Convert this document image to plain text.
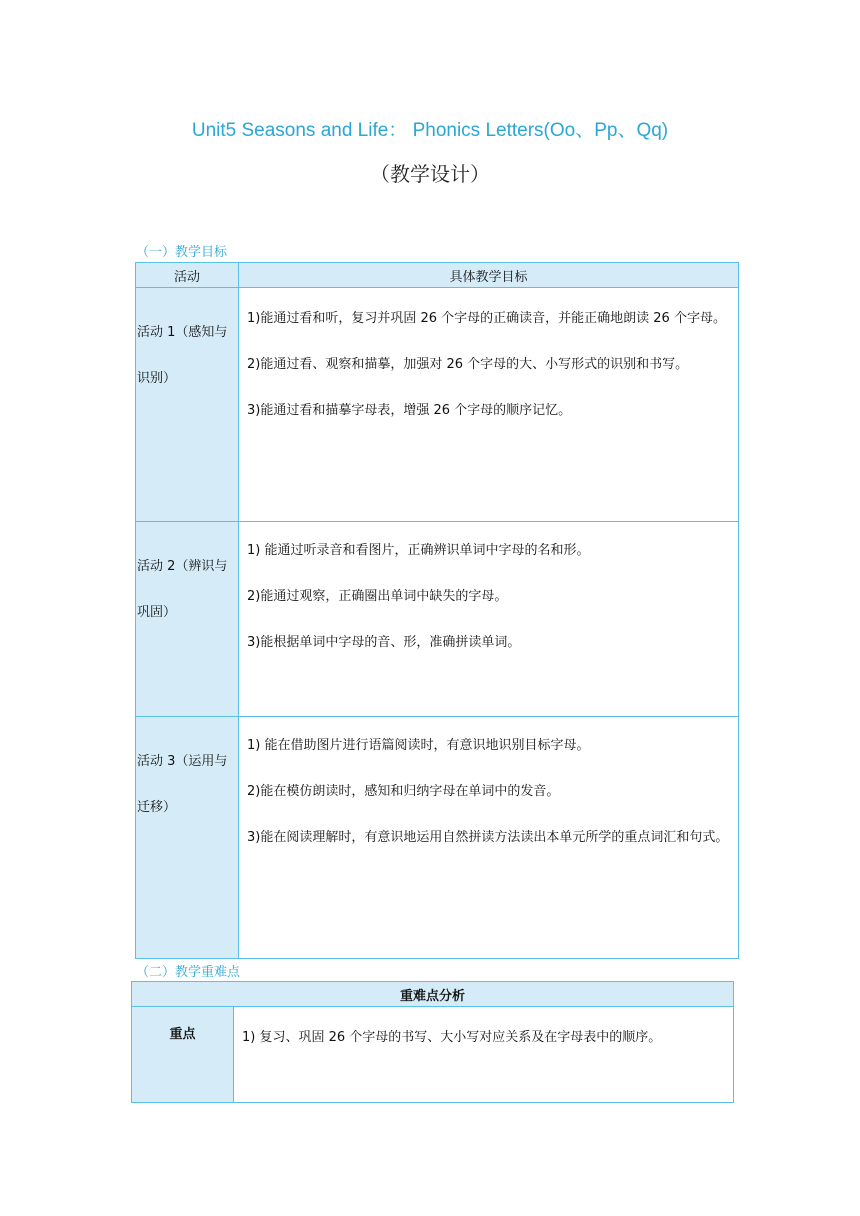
Unit5 Seasons and Life： Phonics Letters(Oo、Pp、Qq)
（教学设计）
（一）教学目标
活动	具体教学目标
活动 1（感知与识别）	1)能通过看和听，复习并巩固 26 个字母的正确读音，并能正确地朗读 26 个字母。

2)能通过看、观察和描摹，加强对 26 个字母的大、小写形式的识别和书写。

3)能通过看和描摹字母表，增强 26 个字母的顺序记忆。

活动 2（辨识与巩固）	1) 能通过听录音和看图片，正确辨识单词中字母的名和形。

2)能通过观察，正确圈出单词中缺失的字母。

3)能根据单词中字母的音、形，准确拼读单词。

活动 3（运用与迁移）	1) 能在借助图片进行语篇阅读时，有意识地识别目标字母。

2)能在模仿朗读时，感知和归纳字母在单词中的发音。

3)能在阅读理解时，有意识地运用自然拼读方法读出本单元所学的重点词汇和句式。

（二）教学重难点
重难点分析
重点	1) 复习、巩固 26 个字母的书写、大小写对应关系及在字母表中的顺序。
